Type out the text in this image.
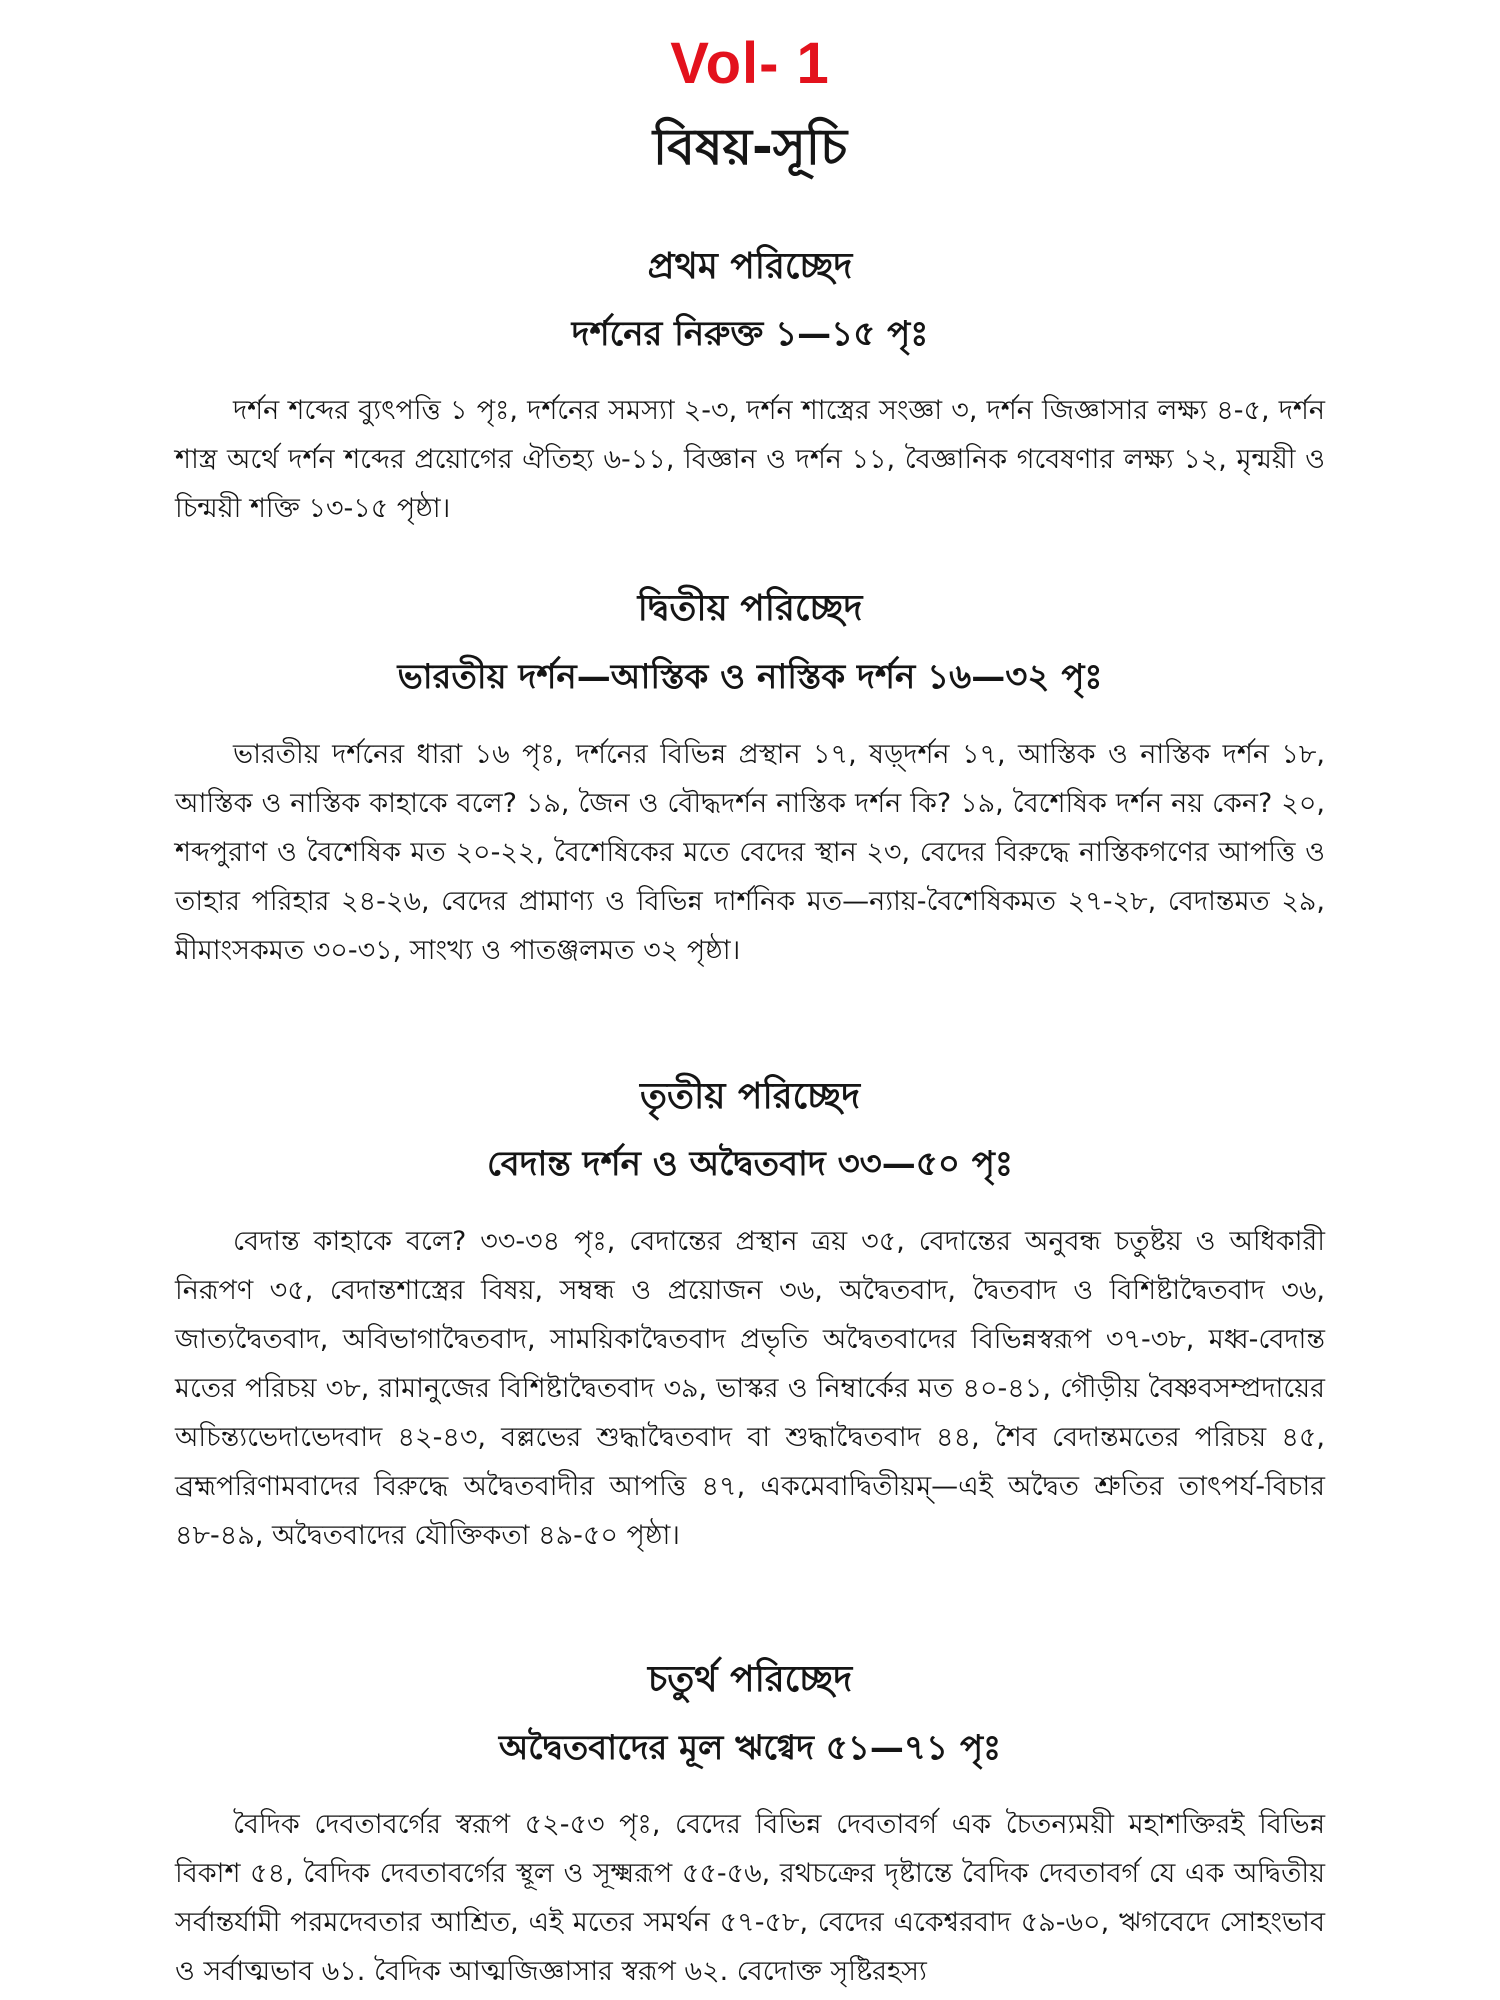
Vol- 1
বিষয়-সূচি
প্রথম পরিচ্ছেদ
দর্শনের নিরুক্ত ১—১৫ পৃঃ

দর্শন শব্দের ব্যুৎপত্তি ১ পৃঃ, দর্শনের সমস্যা ২-৩, দর্শন শাস্ত্রের সংজ্ঞা ৩, দর্শন জিজ্ঞাসার লক্ষ্য ৪-৫, দর্শন শাস্ত্র অর্থে দর্শন শব্দের প্রয়োগের ঐতিহ্য ৬-১১, বিজ্ঞান ও দর্শন ১১, বৈজ্ঞানিক গবেষণার লক্ষ্য ১২, মৃন্ময়ী ও চিন্ময়ী শক্তি ১৩-১৫ পৃষ্ঠা।

দ্বিতীয় পরিচ্ছেদ
ভারতীয় দর্শন—আস্তিক ও নাস্তিক দর্শন ১৬—৩২ পৃঃ

ভারতীয় দর্শনের ধারা ১৬ পৃঃ, দর্শনের বিভিন্ন প্রস্থান ১৭, ষড়্‌দর্শন ১৭, আস্তিক ও নাস্তিক দর্শন ১৮, আস্তিক ও নাস্তিক কাহাকে বলে? ১৯, জৈন ও বৌদ্ধদর্শন নাস্তিক দর্শন কি? ১৯, বৈশেষিক দর্শন নয় কেন? ২০, শব্দপুরাণ ও বৈশেষিক মত ২০-২২, বৈশেষিকের মতে বেদের স্থান ২৩, বেদের বিরুদ্ধে নাস্তিকগণের আপত্তি ও তাহার পরিহার ২৪-২৬, বেদের প্রামাণ্য ও বিভিন্ন দার্শনিক মত—ন্যায়-বৈশেষিকমত ২৭-২৮, বেদান্তমত ২৯, মীমাংসকমত ৩০-৩১, সাংখ্য ও পাতঞ্জলমত ৩২ পৃষ্ঠা।

তৃতীয় পরিচ্ছেদ
বেদান্ত দর্শন ও অদ্বৈতবাদ ৩৩—৫০ পৃঃ

বেদান্ত কাহাকে বলে? ৩৩-৩৪ পৃঃ, বেদান্তের প্রস্থান ত্রয় ৩৫, বেদান্তের অনুবন্ধ চতুষ্টয় ও অধিকারী নিরূপণ ৩৫, বেদান্তশাস্ত্রের বিষয়, সম্বন্ধ ও প্রয়োজন ৩৬, অদ্বৈতবাদ, দ্বৈতবাদ ও বিশিষ্টাদ্বৈতবাদ ৩৬, জাত্যদ্বৈতবাদ, অবিভাগাদ্বৈতবাদ, সাময়িকাদ্বৈতবাদ প্রভৃতি অদ্বৈতবাদের বিভিন্নস্বরূপ ৩৭-৩৮, মধ্ব-বেদান্ত মতের পরিচয় ৩৮, রামানুজের বিশিষ্টাদ্বৈতবাদ ৩৯, ভাস্কর ও নিম্বার্কের মত ৪০-৪১, গৌড়ীয় বৈষ্ণবসম্প্রদায়ের অচিন্ত্যভেদাভেদবাদ ৪২-৪৩, বল্লভের শুদ্ধাদ্বৈতবাদ বা শুদ্ধাদ্বৈতবাদ ৪৪, শৈব বেদান্তমতের পরিচয় ৪৫, ব্রহ্মপরিণামবাদের বিরুদ্ধে অদ্বৈতবাদীর আপত্তি ৪৭, একমেবাদ্বিতীয়ম্—এই অদ্বৈত শ্রুতির তাৎপর্য-বিচার ৪৮-৪৯, অদ্বৈতবাদের যৌক্তিকতা ৪৯-৫০ পৃষ্ঠা।

চতুর্থ পরিচ্ছেদ
অদ্বৈতবাদের মূল ঋগ্বেদ ৫১—৭১ পৃঃ

বৈদিক দেবতাবর্গের স্বরূপ ৫২-৫৩ পৃঃ, বেদের বিভিন্ন দেবতাবর্গ এক চৈতন্যময়ী মহাশক্তিরই বিভিন্ন বিকাশ ৫৪, বৈদিক দেবতাবর্গের স্থূল ও সূক্ষ্মরূপ ৫৫-৫৬, রথচক্রের দৃষ্টান্তে বৈদিক দেবতাবর্গ যে এক অদ্বিতীয় সর্বান্তর্যামী পরমদেবতার আশ্রিত, এই মতের সমর্থন ৫৭-৫৮, বেদের একেশ্বরবাদ ৫৯-৬০, ঋগবেদে সোহংভাব ও সর্বাত্মভাব ৬১. বৈদিক আত্মজিজ্ঞাসার স্বরূপ ৬২. বেদোক্ত সৃষ্টিরহস্য
